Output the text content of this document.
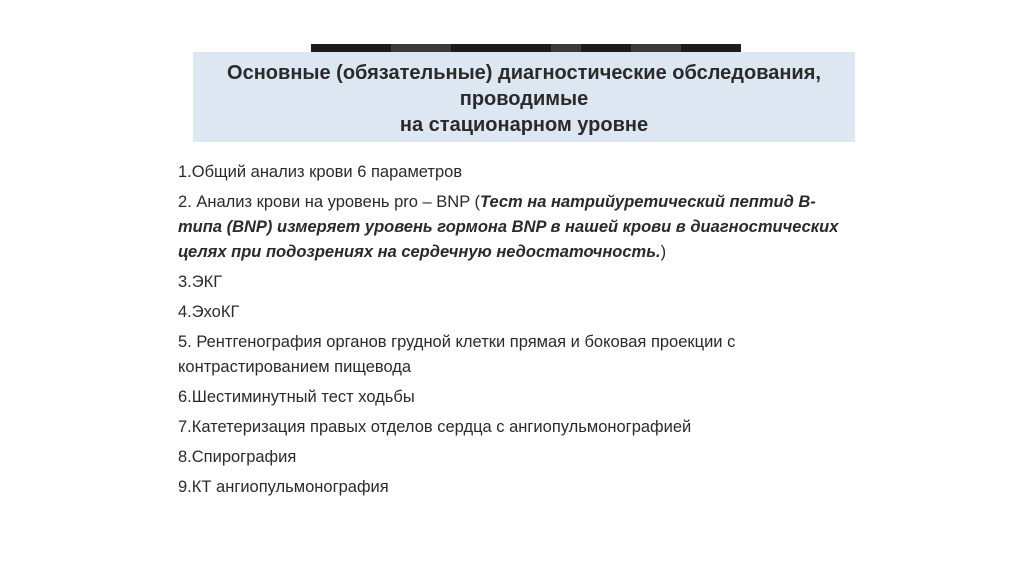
Основные (обязательные) диагностические обследования,
проводимые
на стационарном уровне
1.Общий анализ крови 6 параметров
2. Анализ крови на уровень pro – BNP (Тест на натрийуретический пептид В-типа (BNP) измеряет уровень гормона BNP в нашей крови в диагностических целях при подозрениях на сердечную недостаточность.)
3.ЭКГ
4.ЭхоКГ
5. Рентгенография органов грудной клетки прямая и боковая проекции с контрастированием пищевода
6.Шестиминутный тест ходьбы
7.Катетеризация правых отделов сердца с ангиопульмонографией
8.Спирография
9.КТ ангиопульмонография
